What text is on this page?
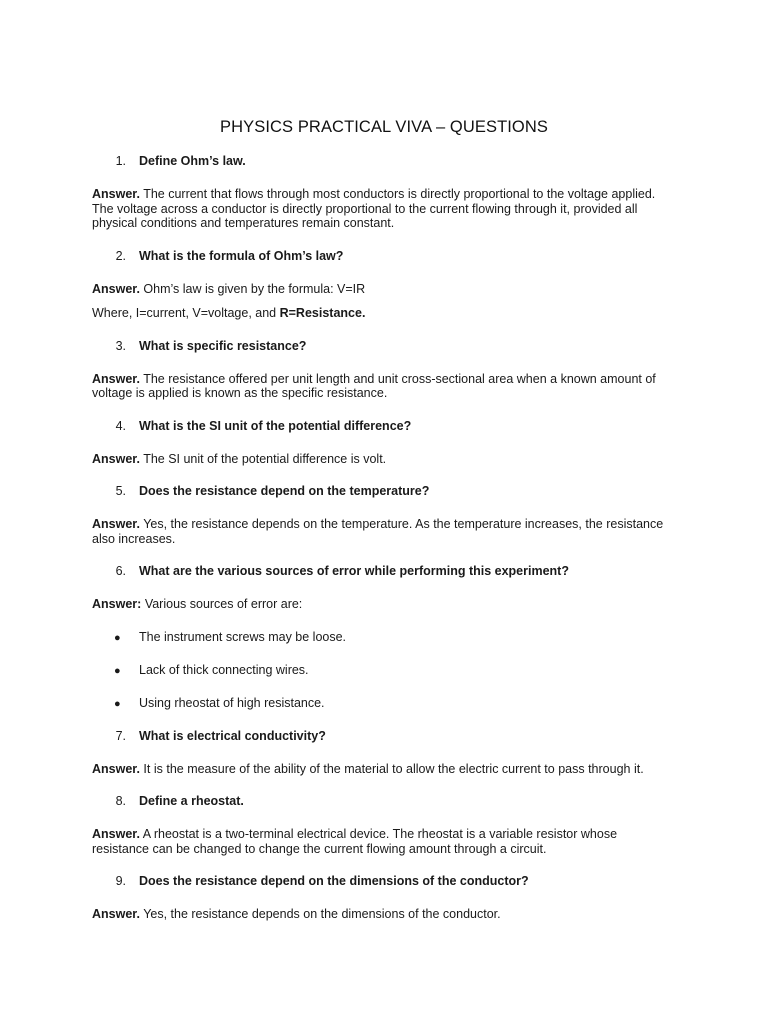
PHYSICS PRACTICAL VIVA – QUESTIONS
1.	Define Ohm’s law.

Answer. The current that flows through most conductors is directly proportional to the voltage applied. The voltage across a conductor is directly proportional to the current flowing through it, provided all physical conditions and temperatures remain constant.

2.	What is the formula of Ohm’s law?

Answer. Ohm’s law is given by the formula: V=IR

Where, I=current, V=voltage, and R=Resistance.

3.	What is specific resistance?

Answer. The resistance offered per unit length and unit cross-sectional area when a known amount of voltage is applied is known as the specific resistance.

4.	What is the SI unit of the potential difference?

Answer. The SI unit of the potential difference is volt.

5.	Does the resistance depend on the temperature?

Answer. Yes, the resistance depends on the temperature. As the temperature increases, the resistance also increases.

6.	What are the various sources of error while performing this experiment?

Answer: Various sources of error are:

●	The instrument screws may be loose.
●	Lack of thick connecting wires.
●	Using rheostat of high resistance.
7.	What is electrical conductivity?

Answer. It is the measure of the ability of the material to allow the electric current to pass through it.

8.	Define a rheostat.

Answer. A rheostat is a two-terminal electrical device. The rheostat is a variable resistor whose resistance can be changed to change the current flowing amount through a circuit.

9.	Does the resistance depend on the dimensions of the conductor?

Answer. Yes, the resistance depends on the dimensions of the conductor.
